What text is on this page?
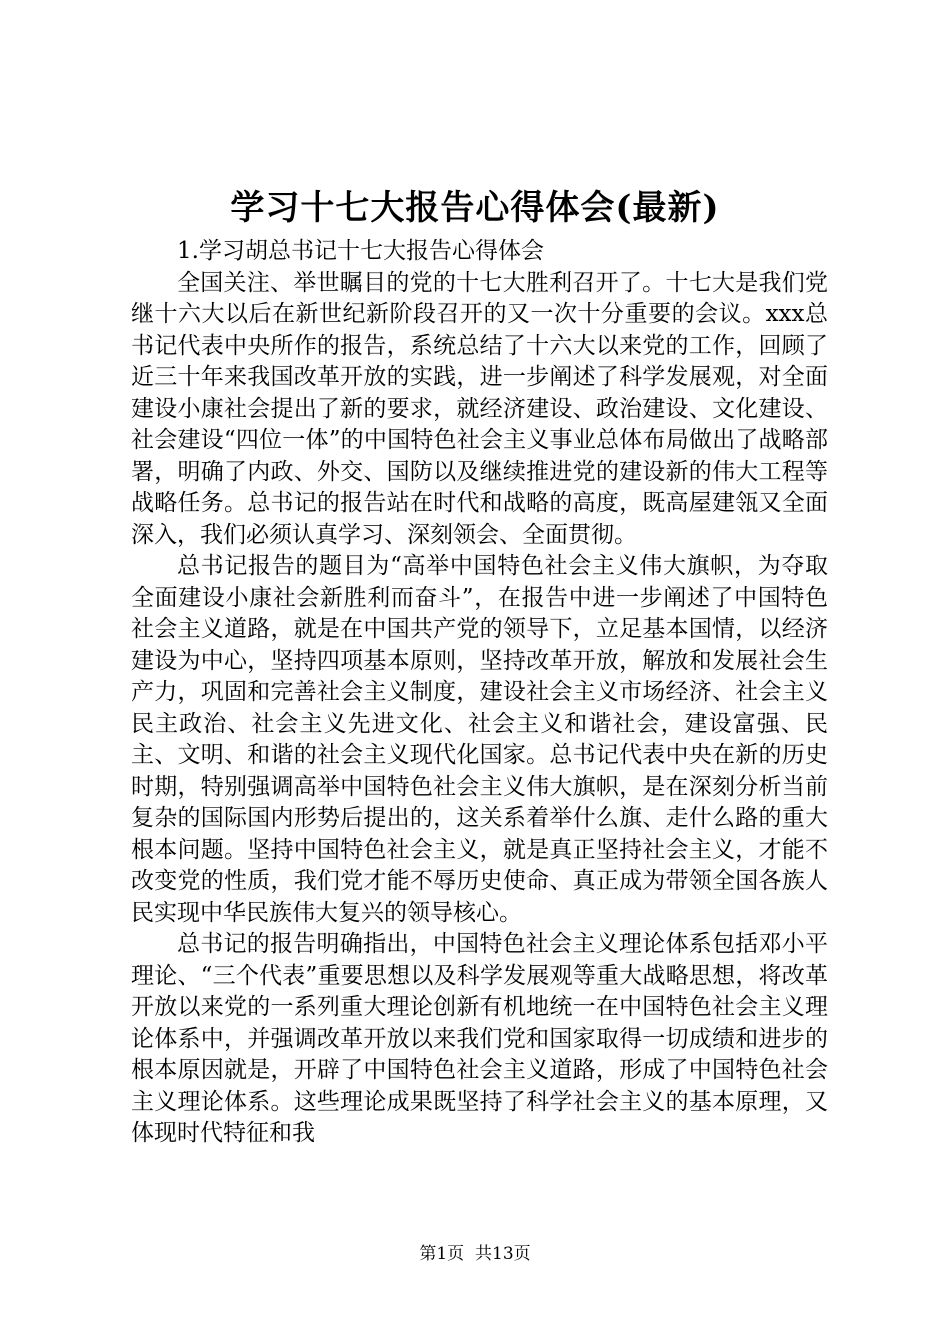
学习十七大报告心得体会(最新)

1.学习胡总书记十七大报告心得体会

全国关注、举世瞩目的党的十七大胜利召开了。十七大是我们党继十六大以后在新世纪新阶段召开的又一次十分重要的会议。xxx总书记代表中央所作的报告，系统总结了十六大以来党的工作，回顾了近三十年来我国改革开放的实践，进一步阐述了科学发展观，对全面建设小康社会提出了新的要求，就经济建设、政治建设、文化建设、社会建设“四位一体”的中国特色社会主义事业总体布局做出了战略部署，明确了内政、外交、国防以及继续推进党的建设新的伟大工程等战略任务。总书记的报告站在时代和战略的高度，既高屋建瓴又全面深入，我们必须认真学习、深刻领会、全面贯彻。

总书记报告的题目为“高举中国特色社会主义伟大旗帜，为夺取全面建设小康社会新胜利而奋斗”，在报告中进一步阐述了中国特色社会主义道路，就是在中国共产党的领导下，立足基本国情，以经济建设为中心，坚持四项基本原则，坚持改革开放，解放和发展社会生产力，巩固和完善社会主义制度，建设社会主义市场经济、社会主义民主政治、社会主义先进文化、社会主义和谐社会，建设富强、民主、文明、和谐的社会主义现代化国家。总书记代表中央在新的历史时期，特别强调高举中国特色社会主义伟大旗帜，是在深刻分析当前复杂的国际国内形势后提出的，这关系着举什么旗、走什么路的重大根本问题。坚持中国特色社会主义，就是真正坚持社会主义，才能不改变党的性质，我们党才能不辱历史使命、真正成为带领全国各族人民实现中华民族伟大复兴的领导核心。

总书记的报告明确指出，中国特色社会主义理论体系包括邓小平理论、“三个代表”重要思想以及科学发展观等重大战略思想，将改革开放以来党的一系列重大理论创新有机地统一在中国特色社会主义理论体系中，并强调改革开放以来我们党和国家取得一切成绩和进步的根本原因就是，开辟了中国特色社会主义道路，形成了中国特色社会主义理论体系。这些理论成果既坚持了科学社会主义的基本原理，又体现时代特征和我

第1页 共13页
